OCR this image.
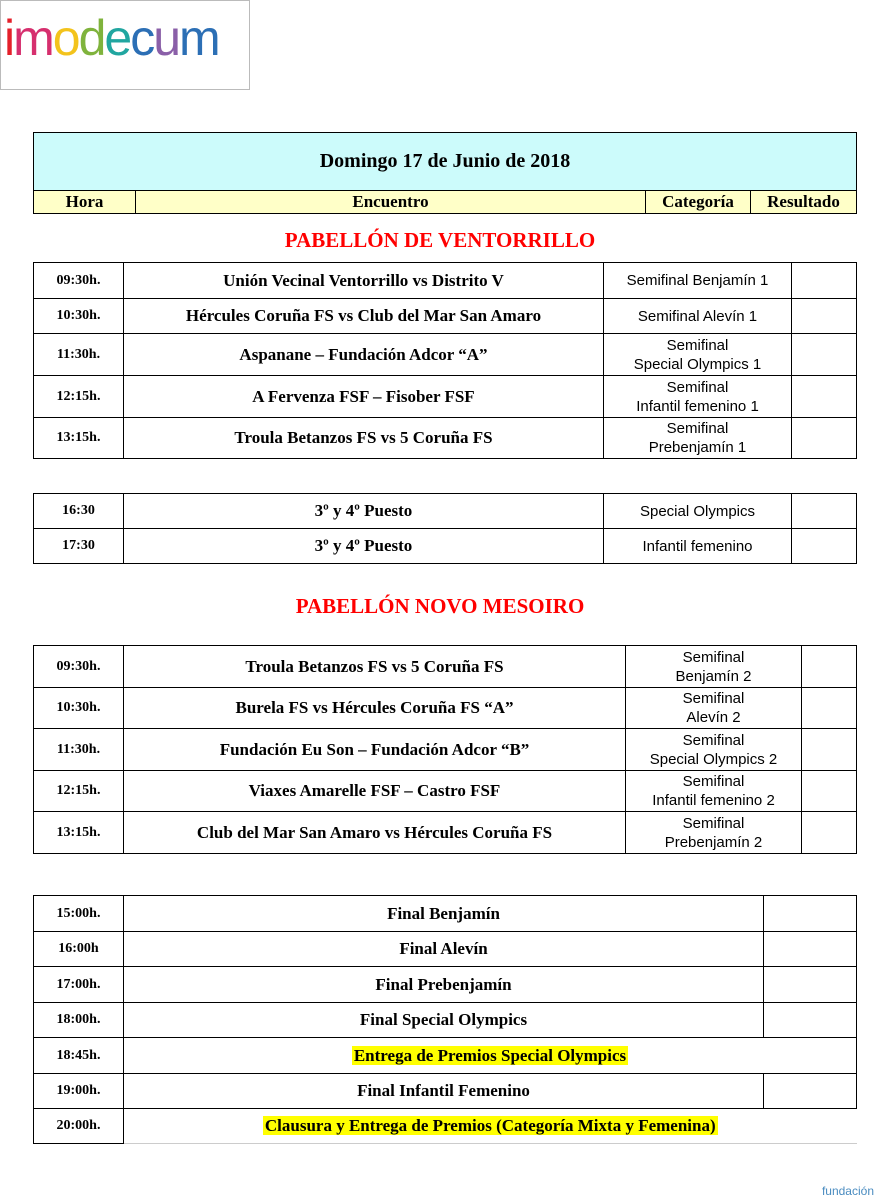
imodecum
fundación
Domingo 17 de Junio de 2018
Hora	Encuentro	Categoría	Resultado
PABELLÓN DE VENTORRILLO
09:30h.	Unión Vecinal Ventorrillo vs Distrito V	Semifinal Benjamín 1	
10:30h.	Hércules Coruña FS vs Club del Mar San Amaro	Semifinal Alevín 1	
11:30h.	Aspanane – Fundación Adcor “A”	Semifinal
Special Olympics 1	

12:15h.	A Fervenza FSF – Fisober FSF	Semifinal
Infantil femenino 1	

13:15h.	Troula Betanzos FS vs 5 Coruña FS	Semifinal
Prebenjamín 1	

16:30	3º y 4º Puesto	Special Olympics	
17:30	3º y 4º Puesto	Infantil femenino	
PABELLÓN NOVO MESOIRO
09:30h.	Troula Betanzos FS vs 5 Coruña FS	Semifinal
Benjamín 2	

10:30h.	Burela FS vs Hércules Coruña FS “A”	Semifinal
Alevín 2	

11:30h.	Fundación Eu Son – Fundación Adcor “B”	Semifinal
Special Olympics 2	

12:15h.	Viaxes Amarelle FSF – Castro FSF	Semifinal
Infantil femenino 2	

13:15h.	Club del Mar San Amaro vs Hércules Coruña FS	Semifinal
Prebenjamín 2	

15:00h.	Final Benjamín	
16:00h	Final Alevín	
17:00h.	Final Prebenjamín	
18:00h.	Final Special Olympics	
18:45h.	Entrega de Premios Special Olympics	
19:00h.	Final Infantil Femenino	
20:00h.	Clausura y Entrega de Premios (Categoría Mixta y Femenina)	
